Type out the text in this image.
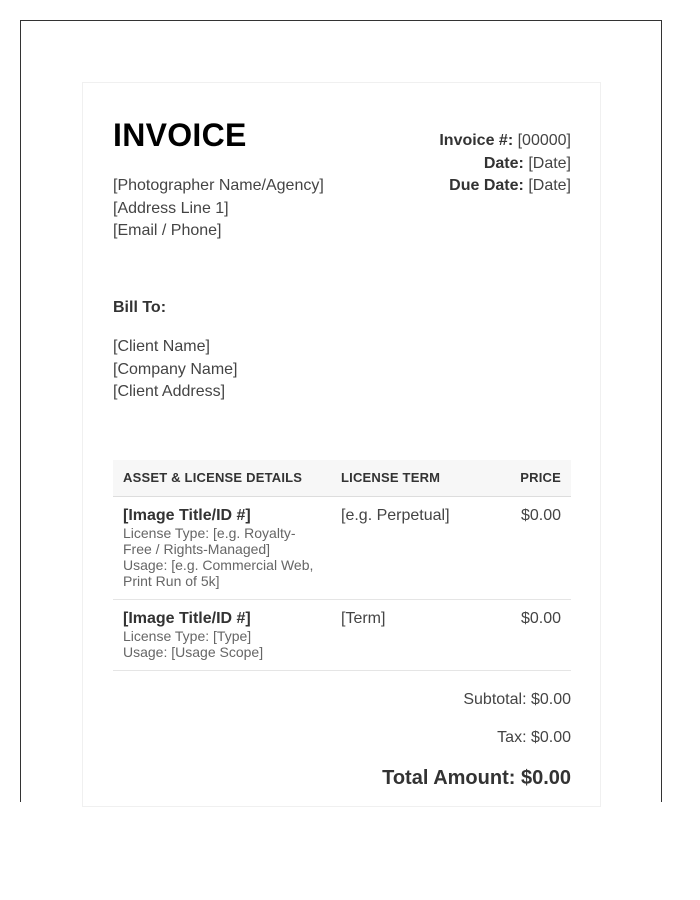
INVOICE
[Photographer Name/Agency]
[Address Line 1]
[Email / Phone]
Invoice #: [00000]
Date: [Date]
Due Date: [Date]
Bill To:
[Client Name]
[Company Name]
[Client Address]
ASSET & LICENSE DETAILS	LICENSE TERM	PRICE

[Image Title/ID #]
License Type: [e.g. Royalty-Free / Rights-Managed]
Usage: [e.g. Commercial Web, Print Run of 5k]	[e.g. Perpetual]	$0.00

[Image Title/ID #]
License Type: [Type]
Usage: [Usage Scope]	[Term]	$0.00
Subtotal: $0.00
Tax: $0.00
Total Amount: $0.00
